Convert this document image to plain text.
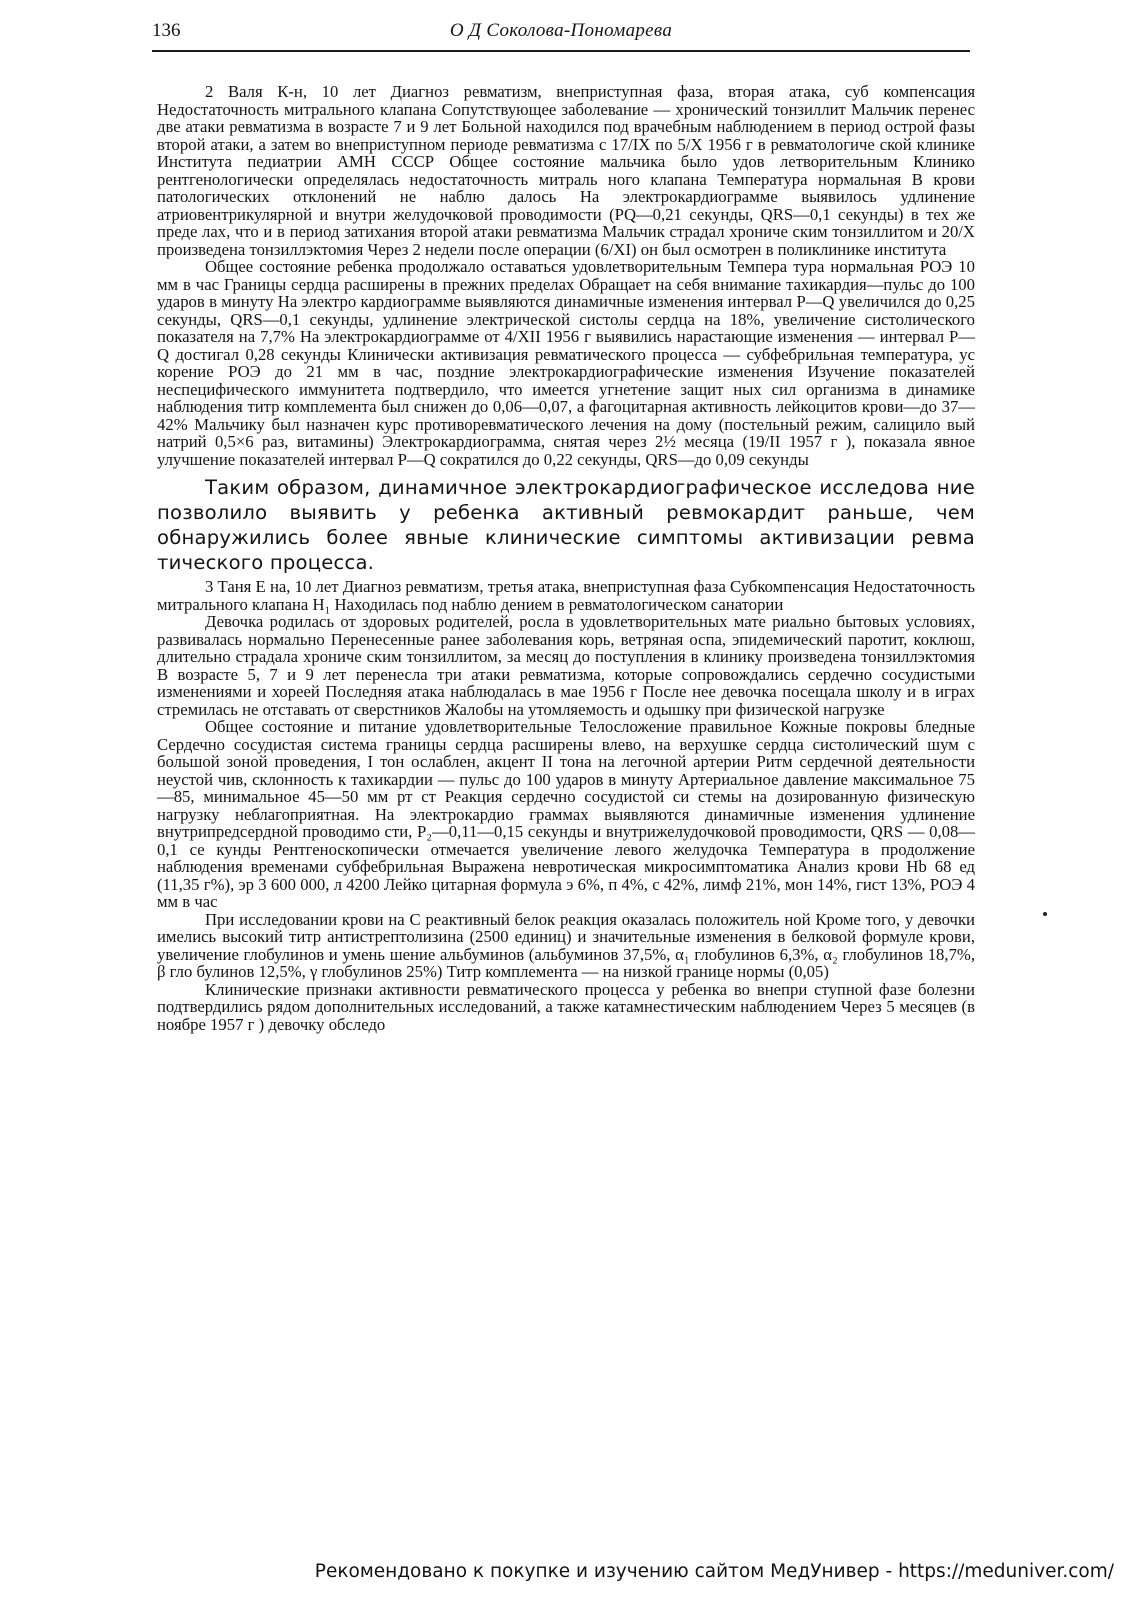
136	О Д Соколова-Пономарева

2 Валя К-н, 10 лет Диагноз ревматизм, внеприступная фаза, вторая атака, суб компенсация Недостаточность митрального клапана Сопутствующее заболевание — хронический тонзиллит Мальчик перенес две атаки ревматизма в возрасте 7 и 9 лет Больной находился под врачебным наблюдением в период острой фазы второй атаки, а затем во внеприступном периоде ревматизма с 17/IX по 5/X 1956 г в ревматологиче ской клинике Института педиатрии АМН СССР Общее состояние мальчика было удов летворительным Клинико рентгенологически определялась недостаточность митраль ного клапана Температура нормальная В крови патологических отклонений не наблю далось На электрокардиограмме выявилось удлинение атриовентрикулярной и внутри желудочковой проводимости (PQ—0,21 секунды, QRS—0,1 секунды) в тех же преде лах, что и в период затихания второй атаки ревматизма Мальчик страдал хрониче ским тонзиллитом и 20/X произведена тонзиллэктомия Через 2 недели после операции (6/XI) он был осмотрен в поликлинике института

Общее состояние ребенка продолжало оставаться удовлетворительным Темпера тура нормальная РОЭ 10 мм в час Границы сердца расширены в прежних пределах Обращает на себя внимание тахикардия—пульс до 100 ударов в минуту На электро кардиограмме выявляются динамичные изменения интервал P—Q увеличился до 0,25 секунды, QRS—0,1 секунды, удлинение электрической систолы сердца на 18%, увеличение систолического показателя на 7,7% На электрокардиограмме от 4/XII 1956 г выявились нарастающие изменения — интервал P—Q достигал 0,28 секунды Клинически активизация ревматического процесса — субфебрильная температура, ус корение РОЭ до 21 мм в час, поздние электрокардиографические изменения Изучение показателей неспецифического иммунитета подтвердило, что имеется угнетение защит ных сил организма в динамике наблюдения титр комплемента был снижен до 0,06—0,07, а фагоцитарная активность лейкоцитов крови—до 37—42% Мальчику был назначен курс противоревматического лечения на дому (постельный режим, салицило вый натрий 0,5×6 раз, витамины) Электрокардиограмма, снятая через 2½ месяца (19/II 1957 г ), показала явное улучшение показателей интервал P—Q сократился до 0,22 секунды, QRS—до 0,09 секунды

Таким образом, динамичное электрокардиографическое исследова ние позволило выявить у ребенка активный ревмокардит раньше, чем обнаружились более явные клинические симптомы активизации ревма тического процесса.

3 Таня Е на, 10 лет Диагноз ревматизм, третья атака, внеприступная фаза Субкомпенсация Недостаточность митрального клапана H₁ Находилась под наблю дением в ревматологическом санатории

Девочка родилась от здоровых родителей, росла в удовлетворительных мате риально бытовых условиях, развивалась нормально Перенесенные ранее заболевания корь, ветряная оспа, эпидемический паротит, коклюш, длительно страдала хрониче ским тонзиллитом, за месяц до поступления в клинику произведена тонзиллэктомия В возрасте 5, 7 и 9 лет перенесла три атаки ревматизма, которые сопровождались сердечно сосудистыми изменениями и хореей Последняя атака наблюдалась в мае 1956 г После нее девочка посещала школу и в играх стремилась не отставать от сверстников Жалобы на утомляемость и одышку при физической нагрузке

Общее состояние и питание удовлетворительные Телосложение правильное Кожные покровы бледные Сердечно сосудистая система границы сердца расширены влево, на верхушке сердца систолический шум с большой зоной проведения, I тон ослаблен, акцент II тона на легочной артерии Ритм сердечной деятельности неустой чив, склонность к тахикардии — пульс до 100 ударов в минуту Артериальное давление максимальное 75—85, минимальное 45—50 мм рт ст Реакция сердечно сосудистой си стемы на дозированную физическую нагрузку неблагоприятная. На электрокардио граммах выявляются динамичные изменения удлинение внутрипредсердной проводимо сти, P₂—0,11—0,15 секунды и внутрижелудочковой проводимости, QRS — 0,08—0,1 се кунды Рентгеноскопически отмечается увеличение левого желудочка Температура в продолжение наблюдения временами субфебрильная Выражена невротическая микросимптоматика Анализ крови Hb 68 ед (11,35 г%), эр 3 600 000, л 4200 Лейко цитарная формула э 6%, п 4%, с 42%, лимф 21%, мон 14%, гист 13%, РОЭ 4 мм в час

При исследовании крови на С реактивный белок реакция оказалась положитель ной Кроме того, у девочки имелись высокий титр антистрептолизина (2500 единиц) и значительные изменения в белковой формуле крови, увеличение глобулинов и умень шение альбуминов (альбуминов 37,5%, α₁ глобулинов 6,3%, α₂ глобулинов 18,7%, β гло булинов 12,5%, γ глобулинов 25%) Титр комплемента — на низкой границе нормы (0,05)

Клинические признаки активности ревматического процесса у ребенка во внепри ступной фазе болезни подтвердились рядом дополнительных исследований, а также катамнестическим наблюдением Через 5 месяцев (в ноябре 1957 г ) девочку обследо

Рекомендовано к покупке и изучению сайтом МедУнивер - https://meduniver.com/
